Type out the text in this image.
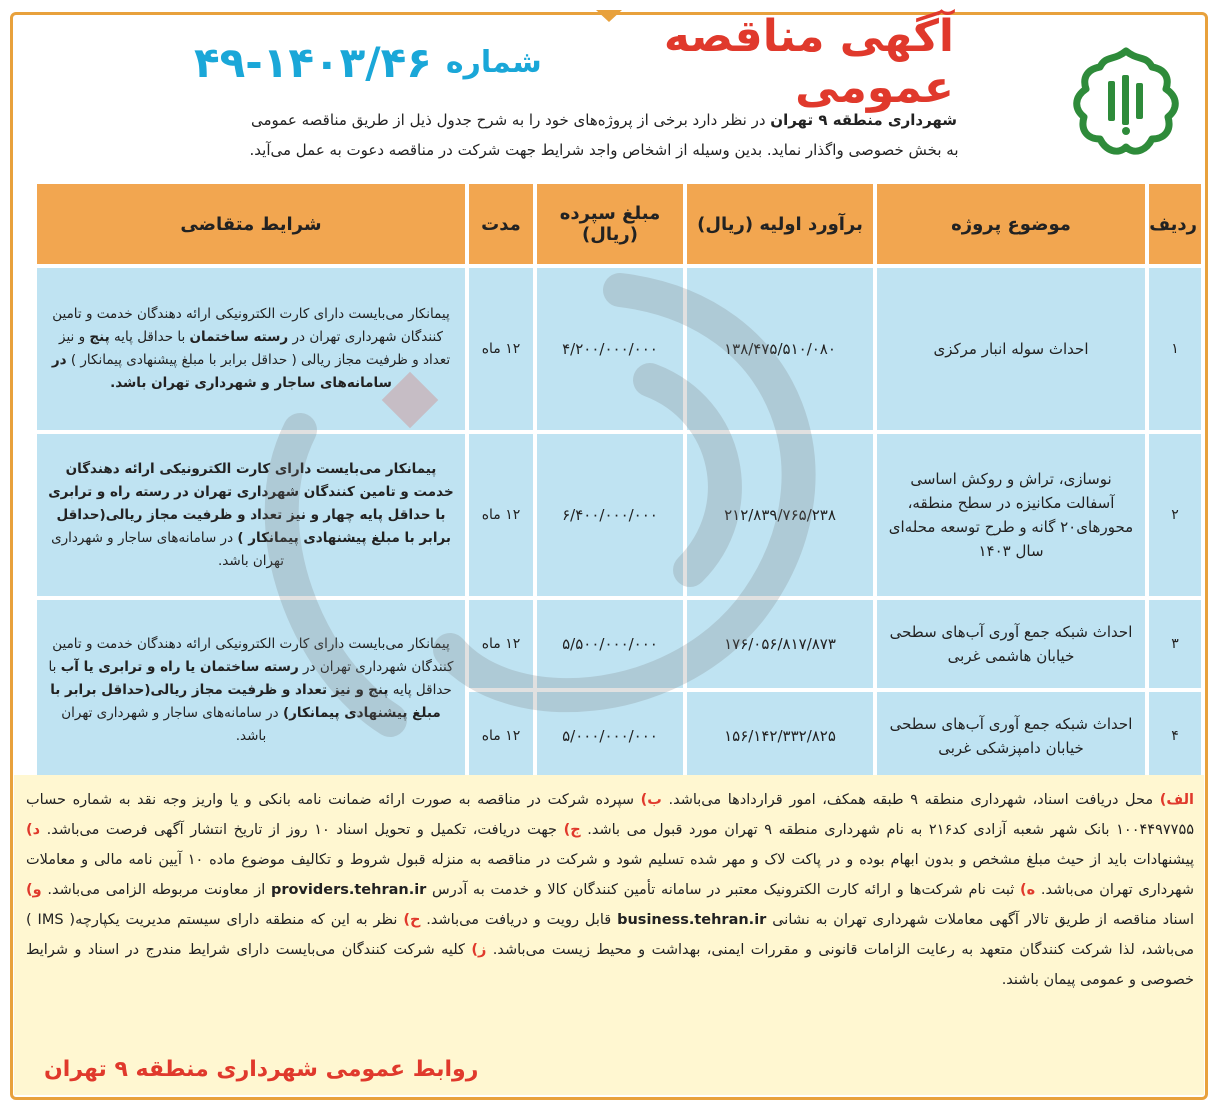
آگهی مناقصه عمومی
شماره
۴۹-۱۴۰۳/۴۶
شهرداری منطقه ۹ تهران در نظر دارد برخی از پروژه‌های خود را به شرح جدول ذیل از طریق مناقصه عمومی
به بخش خصوصی واگذار نماید. بدین وسیله از اشخاص واجد شرایط جهت شرکت در مناقصه دعوت به عمل می‌آید.
ردیف	موضوع پروژه	برآورد اولیه (ریال)	مبلغ سپرده (ریال)	مدت	شرایط متقاضی
۱	احداث سوله انبار مرکزی	۱۳۸/۴۷۵/۵۱۰/۰۸۰	۴/۲۰۰/۰۰۰/۰۰۰	۱۲ ماه	پیمانکار می‌بایست دارای کارت الکترونیکی ارائه دهندگان خدمت و تامین کنندگان شهرداری تهران در رسته ساختمان با حداقل پایه پنج و نیز تعداد و ظرفیت مجاز ریالی ( حداقل برابر با مبلغ پیشنهادی پیمانکار ) در سامانه‌های ساجار و شهرداری تهران باشد.
۲	نوسازی، تراش و روکش اساسی آسفالت مکانیزه در سطح منطقه، محورهای۲۰ گانه و طرح توسعه محله‌ای سال ۱۴۰۳	۲۱۲/۸۳۹/۷۶۵/۲۳۸	۶/۴۰۰/۰۰۰/۰۰۰	۱۲ ماه	پیمانکار می‌بایست دارای کارت الکترونیکی ارائه دهندگان خدمت و تامین کنندگان شهرداری تهران در رسته راه و ترابری با حداقل پایه چهار و نیز تعداد و ظرفیت مجاز ریالی(حداقل برابر با مبلغ پیشنهادی پیمانکار ) در سامانه‌های ساجار و شهرداری تهران باشد.
۳	احداث شبکه جمع آوری آب‌های سطحی خیابان هاشمی غربی	۱۷۶/۰۵۶/۸۱۷/۸۷۳	۵/۵۰۰/۰۰۰/۰۰۰	۱۲ ماه	پیمانکار می‌بایست دارای کارت الکترونیکی ارائه دهندگان خدمت و تامین کنندگان شهرداری تهران در رسته ساختمان یا راه و ترابری یا آب با حداقل پایه پنج و نیز تعداد و ظرفیت مجاز ریالی(حداقل برابر با مبلغ پیشنهادی پیمانکار) در سامانه‌های ساجار و شهرداری تهران باشد.
۴	احداث شبکه جمع آوری آب‌های سطحی خیابان دامپزشکی غربی	۱۵۶/۱۴۲/۳۳۲/۸۲۵	۵/۰۰۰/۰۰۰/۰۰۰	۱۲ ماه	
الف) محل دریافت اسناد، شهرداری منطقه ۹ طبقه همکف، امور قراردادها می‌باشد. ب) سپرده شرکت در مناقصه به صورت ارائه ضمانت نامه بانکی و یا واریز وجه نقد به شماره حساب ۱۰۰۴۴۹۷۷۵۵ بانک شهر شعبه آزادی کد۲۱۶ به نام شهرداری منطقه ۹ تهران مورد قبول می باشد. ج) جهت دریافت، تکمیل و تحویل اسناد ۱۰ روز از تاریخ انتشار آگهی فرصت می‌باشد. د) پیشنهادات باید از حیث مبلغ مشخص و بدون ابهام بوده و در پاکت لاک و مهر شده تسلیم شود و شرکت در مناقصه به منزله قبول شروط و تکالیف موضوع ماده ۱۰ آیین نامه مالی و معاملات شهرداری تهران می‌باشد. ه) ثبت نام شرکت‌ها و ارائه کارت الکترونیک معتبر در سامانه تأمین کنندگان کالا و خدمت به آدرس providers.tehran.ir از معاونت مربوطه الزامی می‌باشد. و) اسناد مناقصه از طریق تالار آگهی معاملات شهرداری تهران به نشانی business.tehran.ir قابل رویت و دریافت می‌باشد. ح) نظر به این که منطقه دارای سیستم مدیریت یکپارچه( IMS ) می‌باشد، لذا شرکت کنندگان متعهد به رعایت الزامات قانونی و مقررات ایمنی، بهداشت و محیط زیست می‌باشد. ز) کلیه شرکت کنندگان می‌بایست دارای شرایط مندرج در اسناد و شرایط خصوصی و عمومی پیمان باشند.
روابط عمومی شهرداری منطقه ۹ تهران
